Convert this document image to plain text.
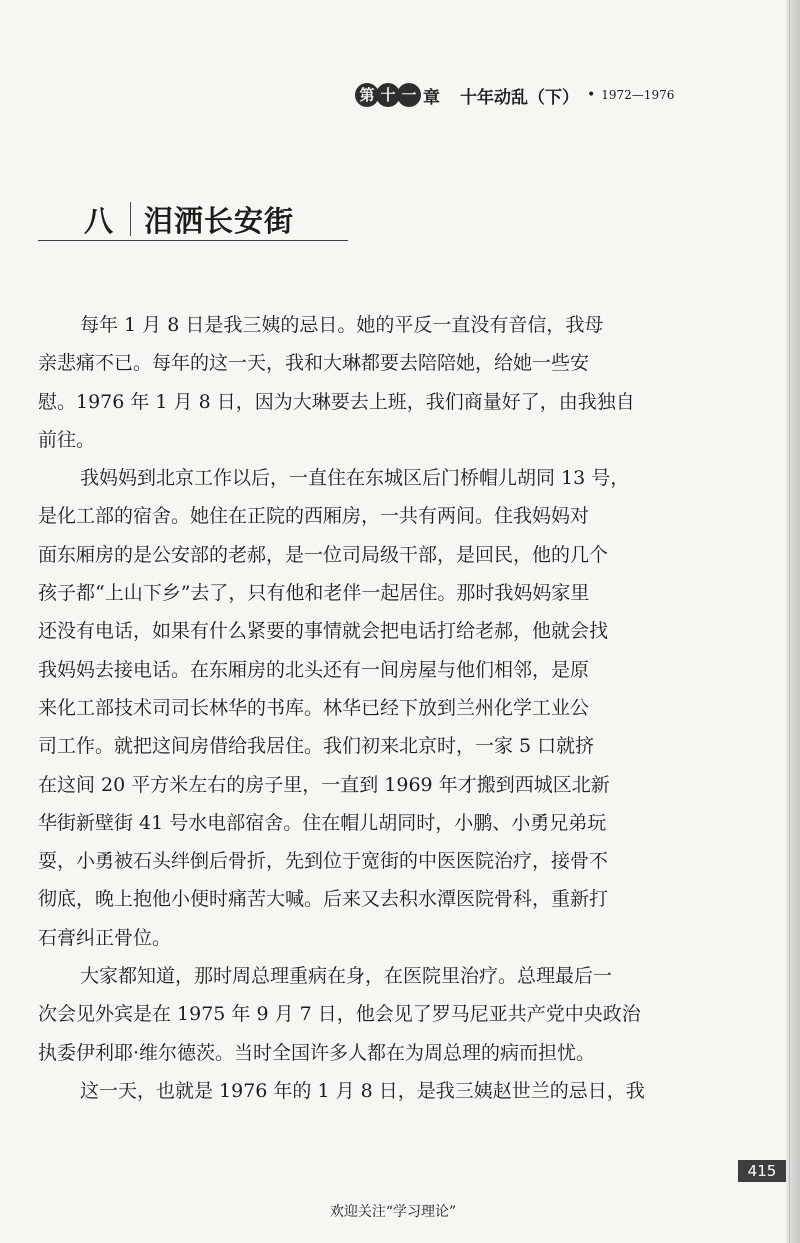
第 十 一 章 十年动乱（下） • 1972—1976
八 泪洒长安街

每年 1 月 8 日是我三姨的忌日。她的平反一直没有音信，我母
亲悲痛不已。每年的这一天，我和大琳都要去陪陪她，给她一些安
慰。1976 年 1 月 8 日，因为大琳要去上班，我们商量好了，由我独自
前往。

我妈妈到北京工作以后，一直住在东城区后门桥帽儿胡同 13 号，
是化工部的宿舍。她住在正院的西厢房，一共有两间。住我妈妈对
面东厢房的是公安部的老郝，是一位司局级干部，是回民，他的几个
孩子都“上山下乡”去了，只有他和老伴一起居住。那时我妈妈家里
还没有电话，如果有什么紧要的事情就会把电话打给老郝，他就会找
我妈妈去接电话。在东厢房的北头还有一间房屋与他们相邻，是原
来化工部技术司司长林华的书库。林华已经下放到兰州化学工业公
司工作。就把这间房借给我居住。我们初来北京时，一家 5 口就挤
在这间 20 平方米左右的房子里，一直到 1969 年才搬到西城区北新
华街新壁街 41 号水电部宿舍。住在帽儿胡同时，小鹏、小勇兄弟玩
耍，小勇被石头绊倒后骨折，先到位于宽街的中医医院治疗，接骨不
彻底，晚上抱他小便时痛苦大喊。后来又去积水潭医院骨科，重新打
石膏纠正骨位。

大家都知道，那时周总理重病在身，在医院里治疗。总理最后一
次会见外宾是在 1975 年 9 月 7 日，他会见了罗马尼亚共产党中央政治
执委伊利耶·维尔德茨。当时全国许多人都在为周总理的病而担忧。

这一天，也就是 1976 年的 1 月 8 日，是我三姨赵世兰的忌日，我

415
欢迎关注“学习理论”
